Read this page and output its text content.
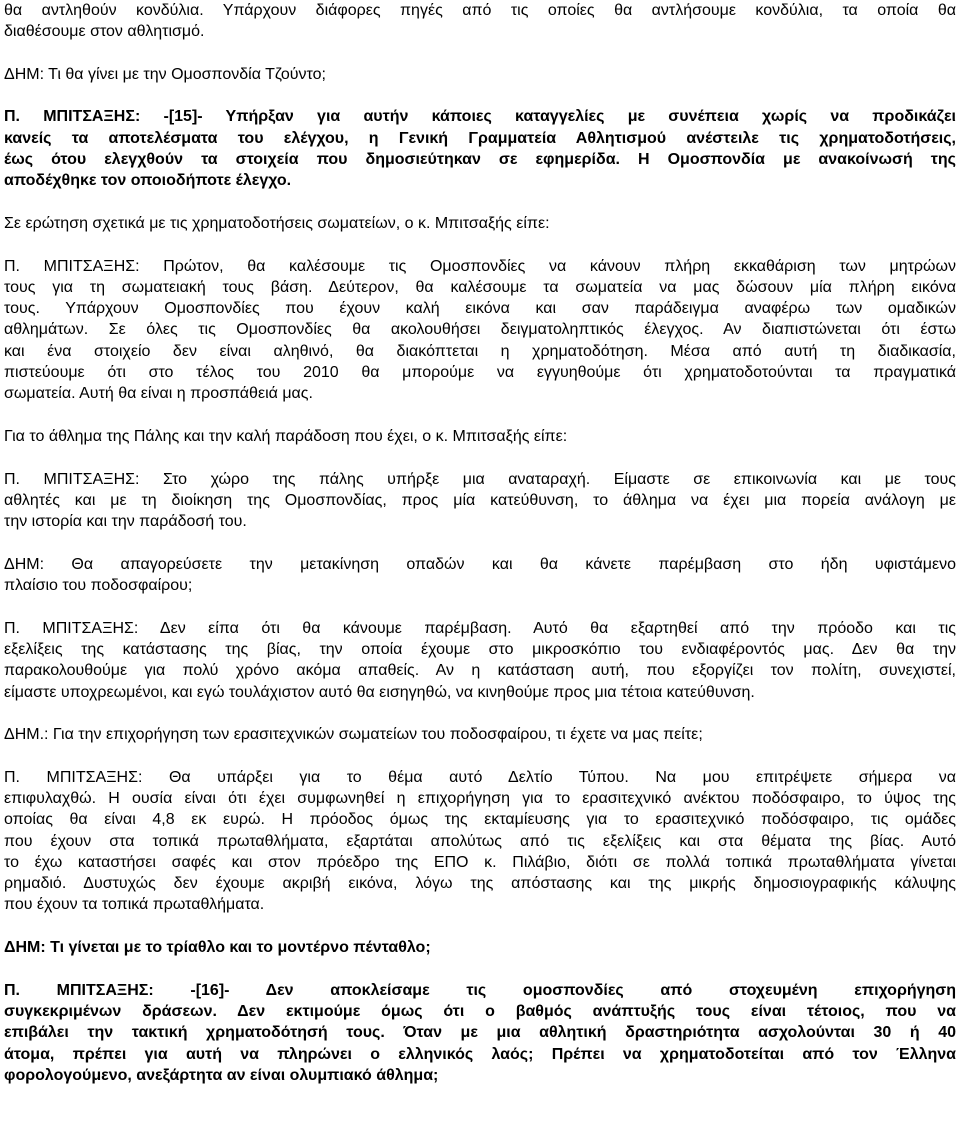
θα αντληθούν κονδύλια. Υπάρχουν διάφορες πηγές από τις οποίες θα αντλήσουμε κονδύλια, τα οποία θα
διαθέσουμε στον αθλητισμό.
ΔΗΜ: Τι θα γίνει με την Ομοσπονδία Τζούντο;
Π. ΜΠΙΤΣΑΞΗΣ: -[15]- Υπήρξαν για αυτήν κάποιες καταγγελίες με συνέπεια χωρίς να προδικάζει
κανείς τα αποτελέσματα του ελέγχου, η Γενική Γραμματεία Αθλητισμού ανέστειλε τις χρηματοδοτήσεις,
έως ότου ελεγχθούν τα στοιχεία που δημοσιεύτηκαν σε εφημερίδα. Η Ομοσπονδία με ανακοίνωσή της
αποδέχθηκε τον οποιοδήποτε έλεγχο.
Σε ερώτηση σχετικά με τις χρηματοδοτήσεις σωματείων, ο κ. Μπιτσαξής είπε:
Π. ΜΠΙΤΣΑΞΗΣ: Πρώτον, θα καλέσουμε τις Ομοσπονδίες να κάνουν πλήρη εκκαθάριση των μητρώων
τους για τη σωματειακή τους βάση. Δεύτερον, θα καλέσουμε τα σωματεία να μας δώσουν μία πλήρη εικόνα
τους. Υπάρχουν Ομοσπονδίες που έχουν καλή εικόνα και σαν παράδειγμα αναφέρω των ομαδικών
αθλημάτων. Σε όλες τις Ομοσπονδίες θα ακολουθήσει δειγματοληπτικός έλεγχος. Αν διαπιστώνεται ότι έστω
και ένα στοιχείο δεν είναι αληθινό, θα διακόπτεται η χρηματοδότηση. Μέσα από αυτή τη διαδικασία,
πιστεύουμε ότι στο τέλος του 2010 θα μπορούμε να εγγυηθούμε ότι χρηματοδοτούνται τα πραγματικά
σωματεία. Αυτή θα είναι η προσπάθειά μας.
Για το άθλημα της Πάλης και την καλή παράδοση που έχει, ο κ. Μπιτσαξής είπε:
Π. ΜΠΙΤΣΑΞΗΣ: Στο χώρο της πάλης υπήρξε μια αναταραχή. Είμαστε σε επικοινωνία και με τους
αθλητές και με τη διοίκηση της Ομοσπονδίας, προς μία κατεύθυνση, το άθλημα να έχει μια πορεία ανάλογη με
την ιστορία και την παράδοσή του.
ΔΗΜ: Θα απαγορεύσετε την μετακίνηση οπαδών και θα κάνετε παρέμβαση στο ήδη υφιστάμενο
πλαίσιο του ποδοσφαίρου;
Π. ΜΠΙΤΣΑΞΗΣ: Δεν είπα ότι θα κάνουμε παρέμβαση. Αυτό θα εξαρτηθεί από την πρόοδο και τις
εξελίξεις της κατάστασης της βίας, την οποία έχουμε στο μικροσκόπιο του ενδιαφέροντός μας. Δεν θα την
παρακολουθούμε για πολύ χρόνο ακόμα απαθείς. Αν η κατάσταση αυτή, που εξοργίζει τον πολίτη, συνεχιστεί,
είμαστε υποχρεωμένοι, και εγώ τουλάχιστον αυτό θα εισηγηθώ, να κινηθούμε προς μια τέτοια κατεύθυνση.
ΔΗΜ.: Για την επιχορήγηση των ερασιτεχνικών σωματείων του ποδοσφαίρου, τι έχετε να μας πείτε;
Π. ΜΠΙΤΣΑΞΗΣ: Θα υπάρξει για το θέμα αυτό Δελτίο Τύπου. Να μου επιτρέψετε σήμερα να
επιφυλαχθώ. Η ουσία είναι ότι έχει συμφωνηθεί η επιχορήγηση για το ερασιτεχνικό ανέκτου ποδόσφαιρο, το ύψος της
οποίας θα είναι 4,8 εκ ευρώ. Η πρόοδος όμως της εκταμίευσης για το ερασιτεχνικό ποδόσφαιρο, τις ομάδες
που έχουν στα τοπικά πρωταθλήματα, εξαρτάται απολύτως από τις εξελίξεις και στα θέματα της βίας. Αυτό
το έχω καταστήσει σαφές και στον πρόεδρο της ΕΠΟ κ. Πιλάβιο, διότι σε πολλά τοπικά πρωταθλήματα γίνεται
ρημαδιό. Δυστυχώς δεν έχουμε ακριβή εικόνα, λόγω της απόστασης και της μικρής δημοσιογραφικής κάλυψης
που έχουν τα τοπικά πρωταθλήματα.
ΔΗΜ: Τι γίνεται με το τρίαθλο και το μοντέρνο πένταθλο;
Π. ΜΠΙΤΣΑΞΗΣ: -[16]- Δεν αποκλείσαμε τις ομοσπονδίες από στοχευμένη επιχορήγηση
συγκεκριμένων δράσεων. Δεν εκτιμούμε όμως ότι ο βαθμός ανάπτυξής τους είναι τέτοιος, που να
επιβάλει την τακτική χρηματοδότησή τους. Όταν με μια αθλητική δραστηριότητα ασχολούνται 30 ή 40
άτομα, πρέπει για αυτή να πληρώνει ο ελληνικός λαός; Πρέπει να χρηματοδοτείται από τον Έλληνα
φορολογούμενο, ανεξάρτητα αν είναι ολυμπιακό άθλημα;
